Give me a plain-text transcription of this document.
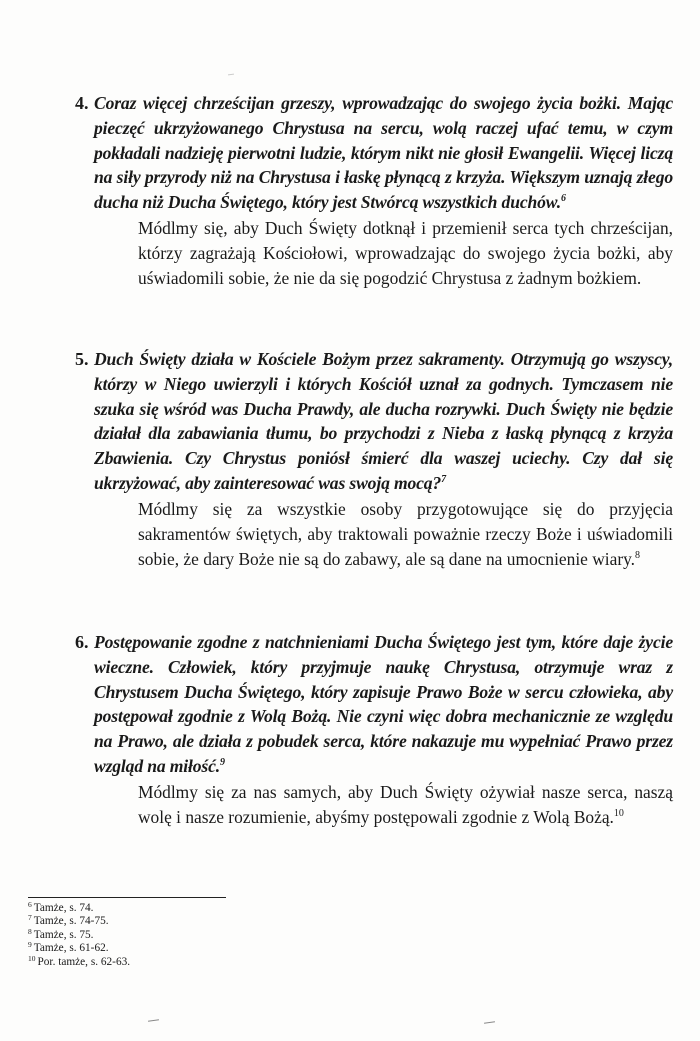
4. Coraz więcej chrześcijan grzeszy, wprowadzając do swojego życia bożki. Mając pieczęć ukrzyżowanego Chrystusa na sercu, wolą raczej ufać temu, w czym pokładali nadzieję pierwotni ludzie, którym nikt nie głosił Ewangelii. Więcej liczą na siły przyrody niż na Chrystusa i łaskę płynącą z krzyża. Większym uznają złego ducha niż Ducha Świętego, który jest Stwórcą wszystkich duchów.$^6$
Módlmy się, aby Duch Święty dotknął i przemienił serca tych chrześcijan, którzy zagrażają Kościołowi, wprowadzając do swojego życia bożki, aby uświadomili sobie, że nie da się pogodzić Chrystusa z żadnym bożkiem.
5. Duch Święty działa w Kościele Bożym przez sakramenty. Otrzymują go wszyscy, którzy w Niego uwierzyli i których Kościół uznał za godnych. Tymczasem nie szuka się wśród was Ducha Prawdy, ale ducha rozrywki. Duch Święty nie będzie działał dla zabawiania tłumu, bo przychodzi z Nieba z łaską płynącą z krzyża Zbawienia. Czy Chrystus poniósł śmierć dla waszej uciechy. Czy dał się ukrzyżować, aby zainteresować was swoją mocą?$^7$
Módlmy się za wszystkie osoby przygotowujące się do przyjęcia sakramentów świętych, aby traktowali poważnie rzeczy Boże i uświadomili sobie, że dary Boże nie są do zabawy, ale są dane na umocnienie wiary.$^8$
6. Postępowanie zgodne z natchnieniami Ducha Świętego jest tym, które daje życie wieczne. Człowiek, który przyjmuje naukę Chrystusa, otrzymuje wraz z Chrystusem Ducha Świętego, który zapisuje Prawo Boże w sercu człowieka, aby postępował zgodnie z Wolą Bożą. Nie czyni więc dobra mechanicznie ze względu na Prawo, ale działa z pobudek serca, które nakazuje mu wypełniać Prawo przez wzgląd na miłość.$^9$
Módlmy się za nas samych, aby Duch Święty ożywiał nasze serca, naszą wolę i nasze rozumienie, abyśmy postępowali zgodnie z Wolą Bożą.$^{10}$
$^6$ Tamże, s. 74.
$^7$ Tamże, s. 74-75.
$^8$ Tamże, s. 75.
$^9$ Tamże, s. 61-62.
$^{10}$ Por. tamże, s. 62-63.
